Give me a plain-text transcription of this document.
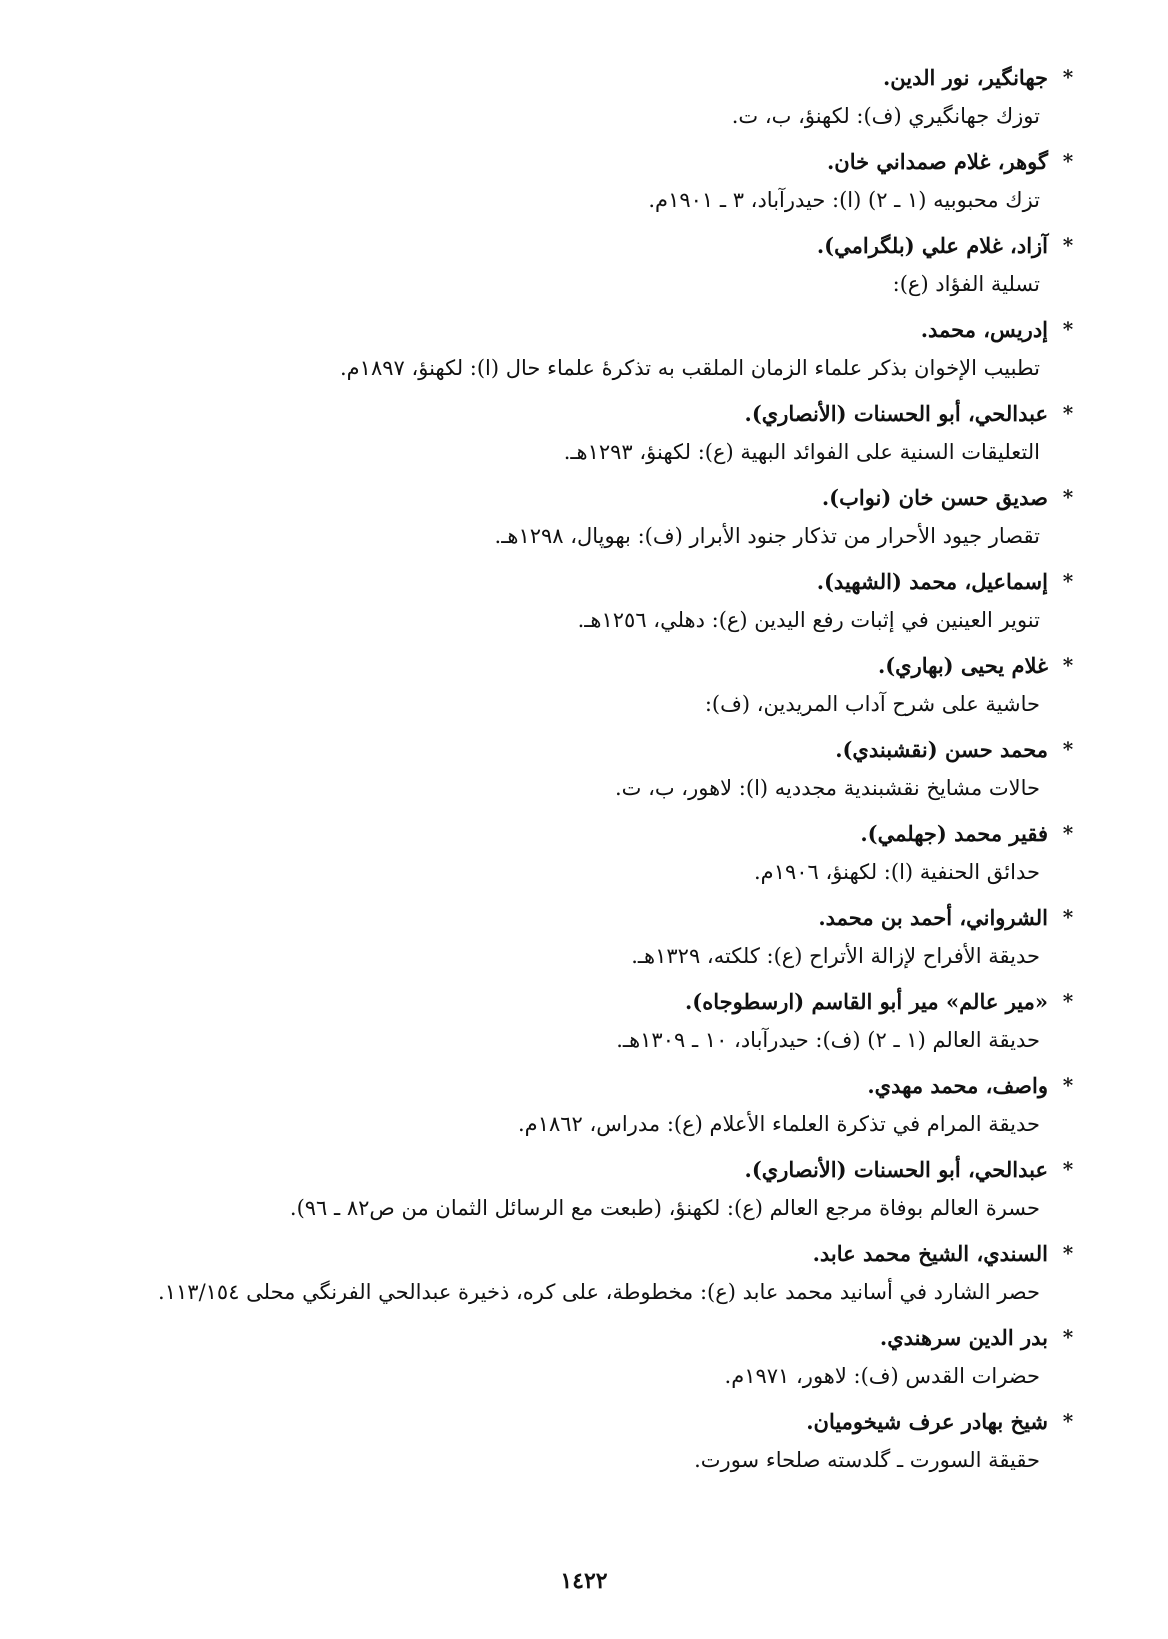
*
جهانگير، نور الدين.
توزك جهانگيري (ف): لكهنؤ، ب، ت.
*
گوهر، غلام صمداني خان.
تزك محبوبيه (١ ـ ٢) (ا): حيدرآباد، ٣ ـ ١٩٠١م.
*
آزاد، غلام علي (بلگرامي).
تسلية الفؤاد (ع):
*
إدريس، محمد.
تطبيب الإخوان بذكر علماء الزمان الملقب به تذكرهٔ علماء حال (ا): لكهنؤ، ١٨٩٧م.
*
عبدالحي، أبو الحسنات (الأنصاري).
التعليقات السنية على الفوائد البهية (ع): لكهنؤ، ١٢٩٣هـ.
*
صديق حسن خان (نواب).
تقصار جيود الأحرار من تذكار جنود الأبرار (ف): بهوپال، ١٢٩٨هـ.
*
إسماعيل، محمد (الشهيد).
تنوير العينين في إثبات رفع اليدين (ع): دهلي، ١٢٥٦هـ.
*
غلام يحيى (بهاري).
حاشية على شرح آداب المريدين، (ف):
*
محمد حسن (نقشبندي).
حالات مشايخ نقشبندية مجدديه (ا): لاهور، ب، ت.
*
فقير محمد (جهلمي).
حدائق الحنفية (ا): لكهنؤ، ١٩٠٦م.
*
الشرواني، أحمد بن محمد.
حديقة الأفراح لإزالة الأتراح (ع): كلكته، ١٣٢٩هـ.
*
«مير عالم» مير أبو القاسم (ارسطوجاه).
حديقة العالم (١ ـ ٢) (ف): حيدرآباد، ١٠ ـ ١٣٠٩هـ.
*
واصف، محمد مهدي.
حديقة المرام في تذكرة العلماء الأعلام (ع): مدراس، ١٨٦٢م.
*
عبدالحي، أبو الحسنات (الأنصاري).
حسرة العالم بوفاة مرجع العالم (ع): لكهنؤ، (طبعت مع الرسائل الثمان من ص٨٢ ـ ٩٦).
*
السندي، الشيخ محمد عابد.
حصر الشارد في أسانيد محمد عابد (ع): مخطوطة، على كره، ذخيرة عبدالحي الفرنگي محلى ١١٣/١٥٤.
*
بدر الدين سرهندي.
حضرات القدس (ف): لاهور، ١٩٧١م.
*
شيخ بهادر عرف شيخوميان.
حقيقة السورت ـ گلدسته صلحاء سورت.
١٤٢٢
